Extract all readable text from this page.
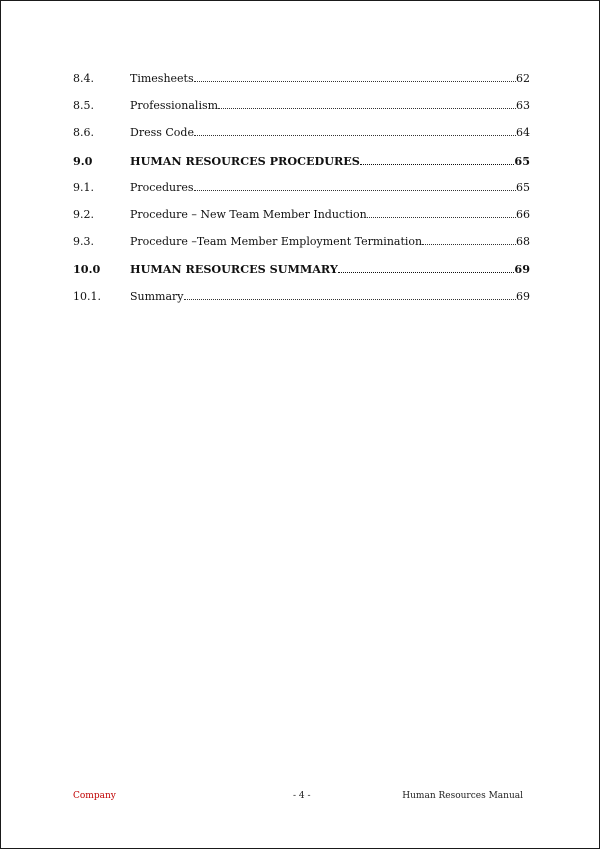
8.4.	Timesheets	62
8.5.	Professionalism	63
8.6.	Dress Code	64
9.0	HUMAN RESOURCES PROCEDURES	65
9.1.	Procedures	65
9.2.	Procedure – New Team Member Induction	66
9.3.	Procedure –Team Member Employment Termination	68
10.0	HUMAN RESOURCES SUMMARY	69
10.1.	Summary	69
Company	- 4 -	Human Resources Manual
